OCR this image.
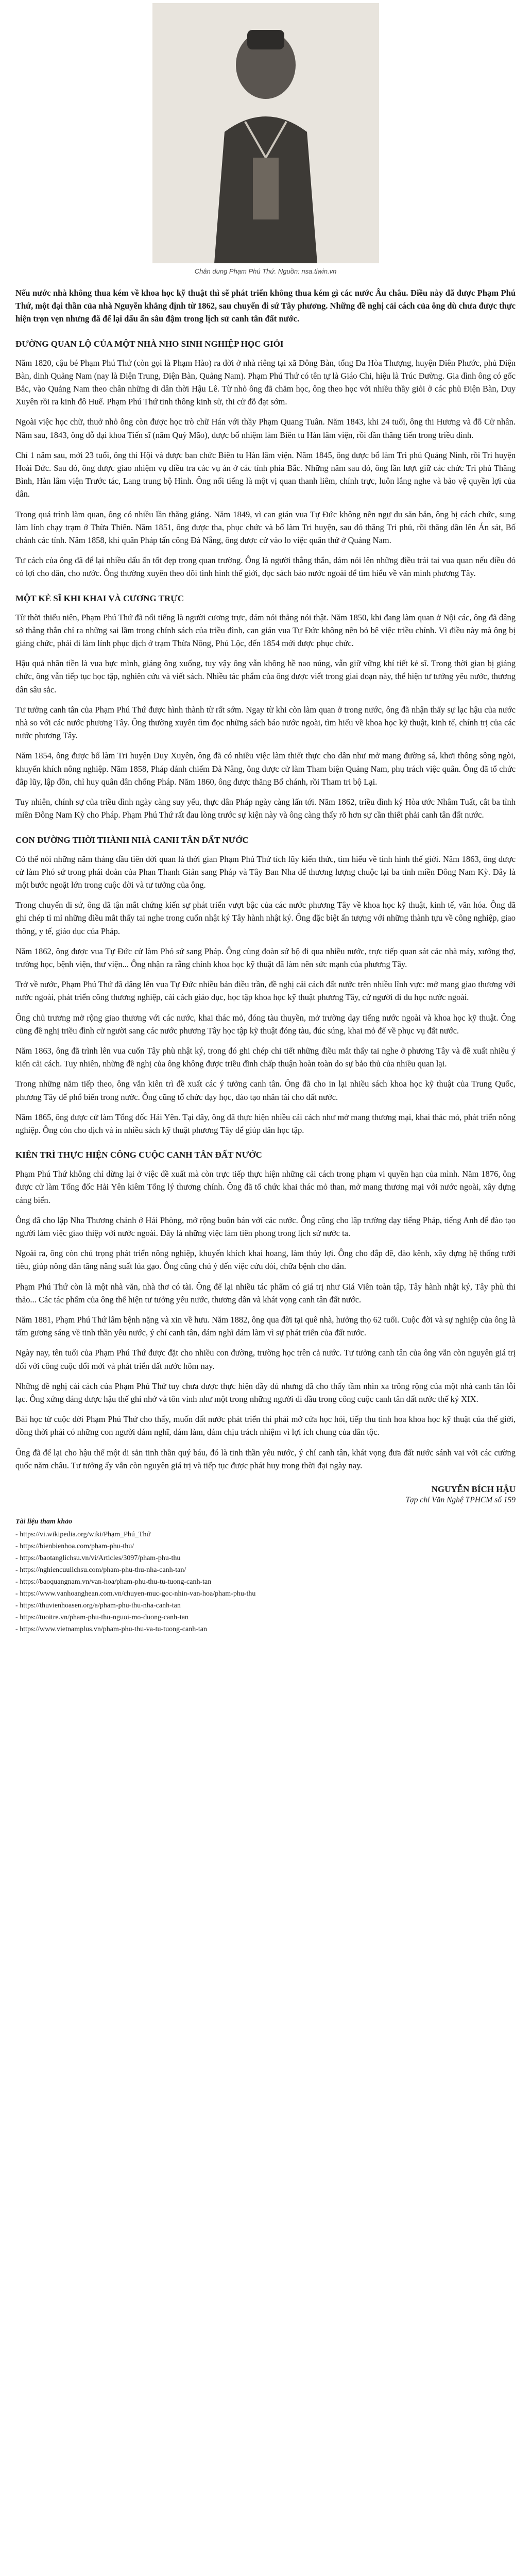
Chân dung Phạm Phú Thứ. Nguồn: nsa.tiwin.vn

Nếu nước nhà không thua kém về khoa học kỹ thuật thì sẽ phát triển không thua kém gì các nước Âu châu. Điều này đã được Phạm Phú Thứ, một đại thần của nhà Nguyễn khẳng định từ 1862, sau chuyến đi sứ Tây phương. Những đề nghị cải cách của ông dù chưa được thực hiện trọn vẹn nhưng đã để lại dấu ấn sâu đậm trong lịch sử canh tân đất nước.

ĐƯỜNG QUAN LỘ CỦA MỘT NHÀ NHO SINH NGHIỆP HỌC GIỎI

Năm 1820, cậu bé Phạm Phú Thứ (còn gọi là Phạm Hào) ra đời ở nhà riêng tại xã Đông Bàn, tổng Đa Hòa Thượng, huyện Diên Phước, phủ Điện Bàn, dinh Quảng Nam (nay là Điện Trung, Điện Bàn, Quảng Nam). Phạm Phú Thứ có tên tự là Giáo Chi, hiệu là Trúc Đường. Gia đình ông có gốc Bắc, vào Quảng Nam theo chân những di dân thời Hậu Lê. Từ nhỏ ông đã chăm học, ông theo học với nhiều thầy giỏi ở các phủ Điện Bàn, Duy Xuyên rồi ra kinh đô Huế. Phạm Phú Thứ tinh thông kinh sử, thi cử đỗ đạt sớm.

Ngoài việc học chữ, thuở nhỏ ông còn được học trò chữ Hán với thầy Phạm Quang Tuân. Năm 1843, khi 24 tuổi, ông thi Hương và đỗ Cử nhân. Năm sau, 1843, ông đỗ đại khoa Tiến sĩ (năm Quý Mão), được bổ nhiệm làm Biên tu Hàn lâm viện, rồi dần thăng tiến trong triều đình.

Chỉ 1 năm sau, mới 23 tuổi, ông thi Hội và được ban chức Biên tu Hàn lâm viện. Năm 1845, ông được bổ làm Tri phủ Quảng Ninh, rồi Tri huyện Hoài Đức. Sau đó, ông được giao nhiệm vụ điều tra các vụ án ở các tỉnh phía Bắc. Những năm sau đó, ông lần lượt giữ các chức Tri phủ Thăng Bình, Hàn lâm viện Trước tác, Lang trung bộ Hình. Ông nổi tiếng là một vị quan thanh liêm, chính trực, luôn lắng nghe và bảo vệ quyền lợi của dân.

Trong quá trình làm quan, ông có nhiều lần thăng giáng. Năm 1849, vì can gián vua Tự Đức không nên ngự du săn bắn, ông bị cách chức, sung làm lính chạy trạm ở Thừa Thiên. Năm 1851, ông được tha, phục chức và bổ làm Tri huyện, sau đó thăng Tri phủ, rồi thăng dần lên Án sát, Bố chánh các tỉnh. Năm 1858, khi quân Pháp tấn công Đà Nẵng, ông được cử vào lo việc quân thứ ở Quảng Nam.

Tư cách của ông đã để lại nhiều dấu ấn tốt đẹp trong quan trường. Ông là người thẳng thắn, dám nói lên những điều trái tai vua quan nếu điều đó có lợi cho dân, cho nước. Ông thường xuyên theo dõi tình hình thế giới, đọc sách báo nước ngoài để tìm hiểu về văn minh phương Tây.

MỘT KẺ SĨ KHI KHAI VÀ CƯƠNG TRỰC

Từ thời thiếu niên, Phạm Phú Thứ đã nổi tiếng là người cương trực, dám nói thẳng nói thật. Năm 1850, khi đang làm quan ở Nội các, ông đã dâng sớ thẳng thắn chỉ ra những sai lầm trong chính sách của triều đình, can gián vua Tự Đức không nên bỏ bê việc triều chính. Vì điều này mà ông bị giáng chức, phải đi làm lính phục dịch ở trạm Thừa Nông, Phú Lộc, đến 1854 mới được phục chức.

Hậu quả nhãn tiền là vua bực mình, giáng ông xuống, tuy vậy ông vẫn không hề nao núng, vẫn giữ vững khí tiết kẻ sĩ. Trong thời gian bị giáng chức, ông vẫn tiếp tục học tập, nghiên cứu và viết sách. Nhiều tác phẩm của ông được viết trong giai đoạn này, thể hiện tư tưởng yêu nước, thương dân sâu sắc.

Tư tưởng canh tân của Phạm Phú Thứ được hình thành từ rất sớm. Ngay từ khi còn làm quan ở trong nước, ông đã nhận thấy sự lạc hậu của nước nhà so với các nước phương Tây. Ông thường xuyên tìm đọc những sách báo nước ngoài, tìm hiểu về khoa học kỹ thuật, kinh tế, chính trị của các nước phương Tây.

Năm 1854, ông được bổ làm Tri huyện Duy Xuyên, ông đã có nhiều việc làm thiết thực cho dân như mở mang đường sá, khơi thông sông ngòi, khuyến khích nông nghiệp. Năm 1858, Pháp đánh chiếm Đà Nẵng, ông được cử làm Tham biện Quảng Nam, phụ trách việc quân. Ông đã tổ chức đắp lũy, lập đồn, chỉ huy quân dân chống Pháp. Năm 1860, ông được thăng Bố chánh, rồi Tham tri bộ Lại.

Tuy nhiên, chính sự của triều đình ngày càng suy yếu, thực dân Pháp ngày càng lấn tới. Năm 1862, triều đình ký Hòa ước Nhâm Tuất, cắt ba tỉnh miền Đông Nam Kỳ cho Pháp. Phạm Phú Thứ rất đau lòng trước sự kiện này và ông càng thấy rõ hơn sự cần thiết phải canh tân đất nước.

CON ĐƯỜNG THỜI THÀNH NHÀ CANH TÂN ĐẤT NƯỚC

Có thể nói những năm tháng đầu tiên đời quan là thời gian Phạm Phú Thứ tích lũy kiến thức, tìm hiểu về tình hình thế giới. Năm 1863, ông được cử làm Phó sứ trong phái đoàn của Phan Thanh Giản sang Pháp và Tây Ban Nha để thương lượng chuộc lại ba tỉnh miền Đông Nam Kỳ. Đây là một bước ngoặt lớn trong cuộc đời và tư tưởng của ông.

Trong chuyến đi sứ, ông đã tận mắt chứng kiến sự phát triển vượt bậc của các nước phương Tây về khoa học kỹ thuật, kinh tế, văn hóa. Ông đã ghi chép tỉ mỉ những điều mắt thấy tai nghe trong cuốn nhật ký Tây hành nhật ký. Ông đặc biệt ấn tượng với những thành tựu về công nghiệp, giao thông, y tế, giáo dục của Pháp.

Năm 1862, ông được vua Tự Đức cử làm Phó sứ sang Pháp. Ông cùng đoàn sứ bộ đi qua nhiều nước, trực tiếp quan sát các nhà máy, xưởng thợ, trường học, bệnh viện, thư viện... Ông nhận ra rằng chính khoa học kỹ thuật đã làm nên sức mạnh của phương Tây.

Trở về nước, Phạm Phú Thứ đã dâng lên vua Tự Đức nhiều bản điều trần, đề nghị cải cách đất nước trên nhiều lĩnh vực: mở mang giao thương với nước ngoài, phát triển công thương nghiệp, cải cách giáo dục, học tập khoa học kỹ thuật phương Tây, cử người đi du học nước ngoài.

Ông chủ trương mở rộng giao thương với các nước, khai thác mỏ, đóng tàu thuyền, mở trường dạy tiếng nước ngoài và khoa học kỹ thuật. Ông cũng đề nghị triều đình cử người sang các nước phương Tây học tập kỹ thuật đóng tàu, đúc súng, khai mỏ để về phục vụ đất nước.

Năm 1863, ông đã trình lên vua cuốn Tây phù nhật ký, trong đó ghi chép chi tiết những điều mắt thấy tai nghe ở phương Tây và đề xuất nhiều ý kiến cải cách. Tuy nhiên, những đề nghị của ông không được triều đình chấp thuận hoàn toàn do sự bảo thủ của nhiều quan lại.

Trong những năm tiếp theo, ông vẫn kiên trì đề xuất các ý tưởng canh tân. Ông đã cho in lại nhiều sách khoa học kỹ thuật của Trung Quốc, phương Tây để phổ biến trong nước. Ông cũng tổ chức dạy học, đào tạo nhân tài cho đất nước.

Năm 1865, ông được cử làm Tổng đốc Hải Yên. Tại đây, ông đã thực hiện nhiều cải cách như mở mang thương mại, khai thác mỏ, phát triển nông nghiệp. Ông còn cho dịch và in nhiều sách kỹ thuật phương Tây để giúp dân học tập.

KIÊN TRÌ THỰC HIỆN CÔNG CUỘC CANH TÂN ĐẤT NƯỚC

Phạm Phú Thứ không chỉ dừng lại ở việc đề xuất mà còn trực tiếp thực hiện những cải cách trong phạm vi quyền hạn của mình. Năm 1876, ông được cử làm Tổng đốc Hải Yên kiêm Tổng lý thương chính. Ông đã tổ chức khai thác mỏ than, mở mang thương mại với nước ngoài, xây dựng cảng biển.

Ông đã cho lập Nha Thương chánh ở Hải Phòng, mở rộng buôn bán với các nước. Ông cũng cho lập trường dạy tiếng Pháp, tiếng Anh để đào tạo người làm việc giao thiệp với nước ngoài. Đây là những việc làm tiên phong trong lịch sử nước ta.

Ngoài ra, ông còn chú trọng phát triển nông nghiệp, khuyến khích khai hoang, làm thủy lợi. Ông cho đắp đê, đào kênh, xây dựng hệ thống tưới tiêu, giúp nông dân tăng năng suất lúa gạo. Ông cũng chú ý đến việc cứu đói, chữa bệnh cho dân.

Phạm Phú Thứ còn là một nhà văn, nhà thơ có tài. Ông để lại nhiều tác phẩm có giá trị như Giá Viên toàn tập, Tây hành nhật ký, Tây phù thi thảo... Các tác phẩm của ông thể hiện tư tưởng yêu nước, thương dân và khát vọng canh tân đất nước.

Năm 1881, Phạm Phú Thứ lâm bệnh nặng và xin về hưu. Năm 1882, ông qua đời tại quê nhà, hưởng thọ 62 tuổi. Cuộc đời và sự nghiệp của ông là tấm gương sáng về tinh thần yêu nước, ý chí canh tân, dám nghĩ dám làm vì sự phát triển của đất nước.

Ngày nay, tên tuổi của Phạm Phú Thứ được đặt cho nhiều con đường, trường học trên cả nước. Tư tưởng canh tân của ông vẫn còn nguyên giá trị đối với công cuộc đổi mới và phát triển đất nước hôm nay.

Những đề nghị cải cách của Phạm Phú Thứ tuy chưa được thực hiện đầy đủ nhưng đã cho thấy tầm nhìn xa trông rộng của một nhà canh tân lỗi lạc. Ông xứng đáng được hậu thế ghi nhớ và tôn vinh như một trong những người đi đầu trong công cuộc canh tân đất nước thế kỷ XIX.

Bài học từ cuộc đời Phạm Phú Thứ cho thấy, muốn đất nước phát triển thì phải mở cửa học hỏi, tiếp thu tinh hoa khoa học kỹ thuật của thế giới, đồng thời phải có những con người dám nghĩ, dám làm, dám chịu trách nhiệm vì lợi ích chung của dân tộc.

Ông đã để lại cho hậu thế một di sản tinh thần quý báu, đó là tinh thần yêu nước, ý chí canh tân, khát vọng đưa đất nước sánh vai với các cường quốc năm châu. Tư tưởng ấy vẫn còn nguyên giá trị và tiếp tục được phát huy trong thời đại ngày nay.

NGUYỄN BÍCH HẬU
Tạp chí Văn Nghệ TPHCM số 159
Tài liệu tham khảo
- https://vi.wikipedia.org/wiki/Phạm_Phú_Thứ
- https://bienbienhoa.com/pham-phu-thu/
- https://baotanglichsu.vn/vi/Articles/3097/pham-phu-thu
- https://nghiencuulichsu.com/pham-phu-thu-nha-canh-tan/
- https://baoquangnam.vn/van-hoa/pham-phu-thu-tu-tuong-canh-tan
- https://www.vanhoanghean.com.vn/chuyen-muc-goc-nhin-van-hoa/pham-phu-thu
- https://thuvienhoasen.org/a/pham-phu-thu-nha-canh-tan
- https://tuoitre.vn/pham-phu-thu-nguoi-mo-duong-canh-tan
- https://www.vietnamplus.vn/pham-phu-thu-va-tu-tuong-canh-tan
